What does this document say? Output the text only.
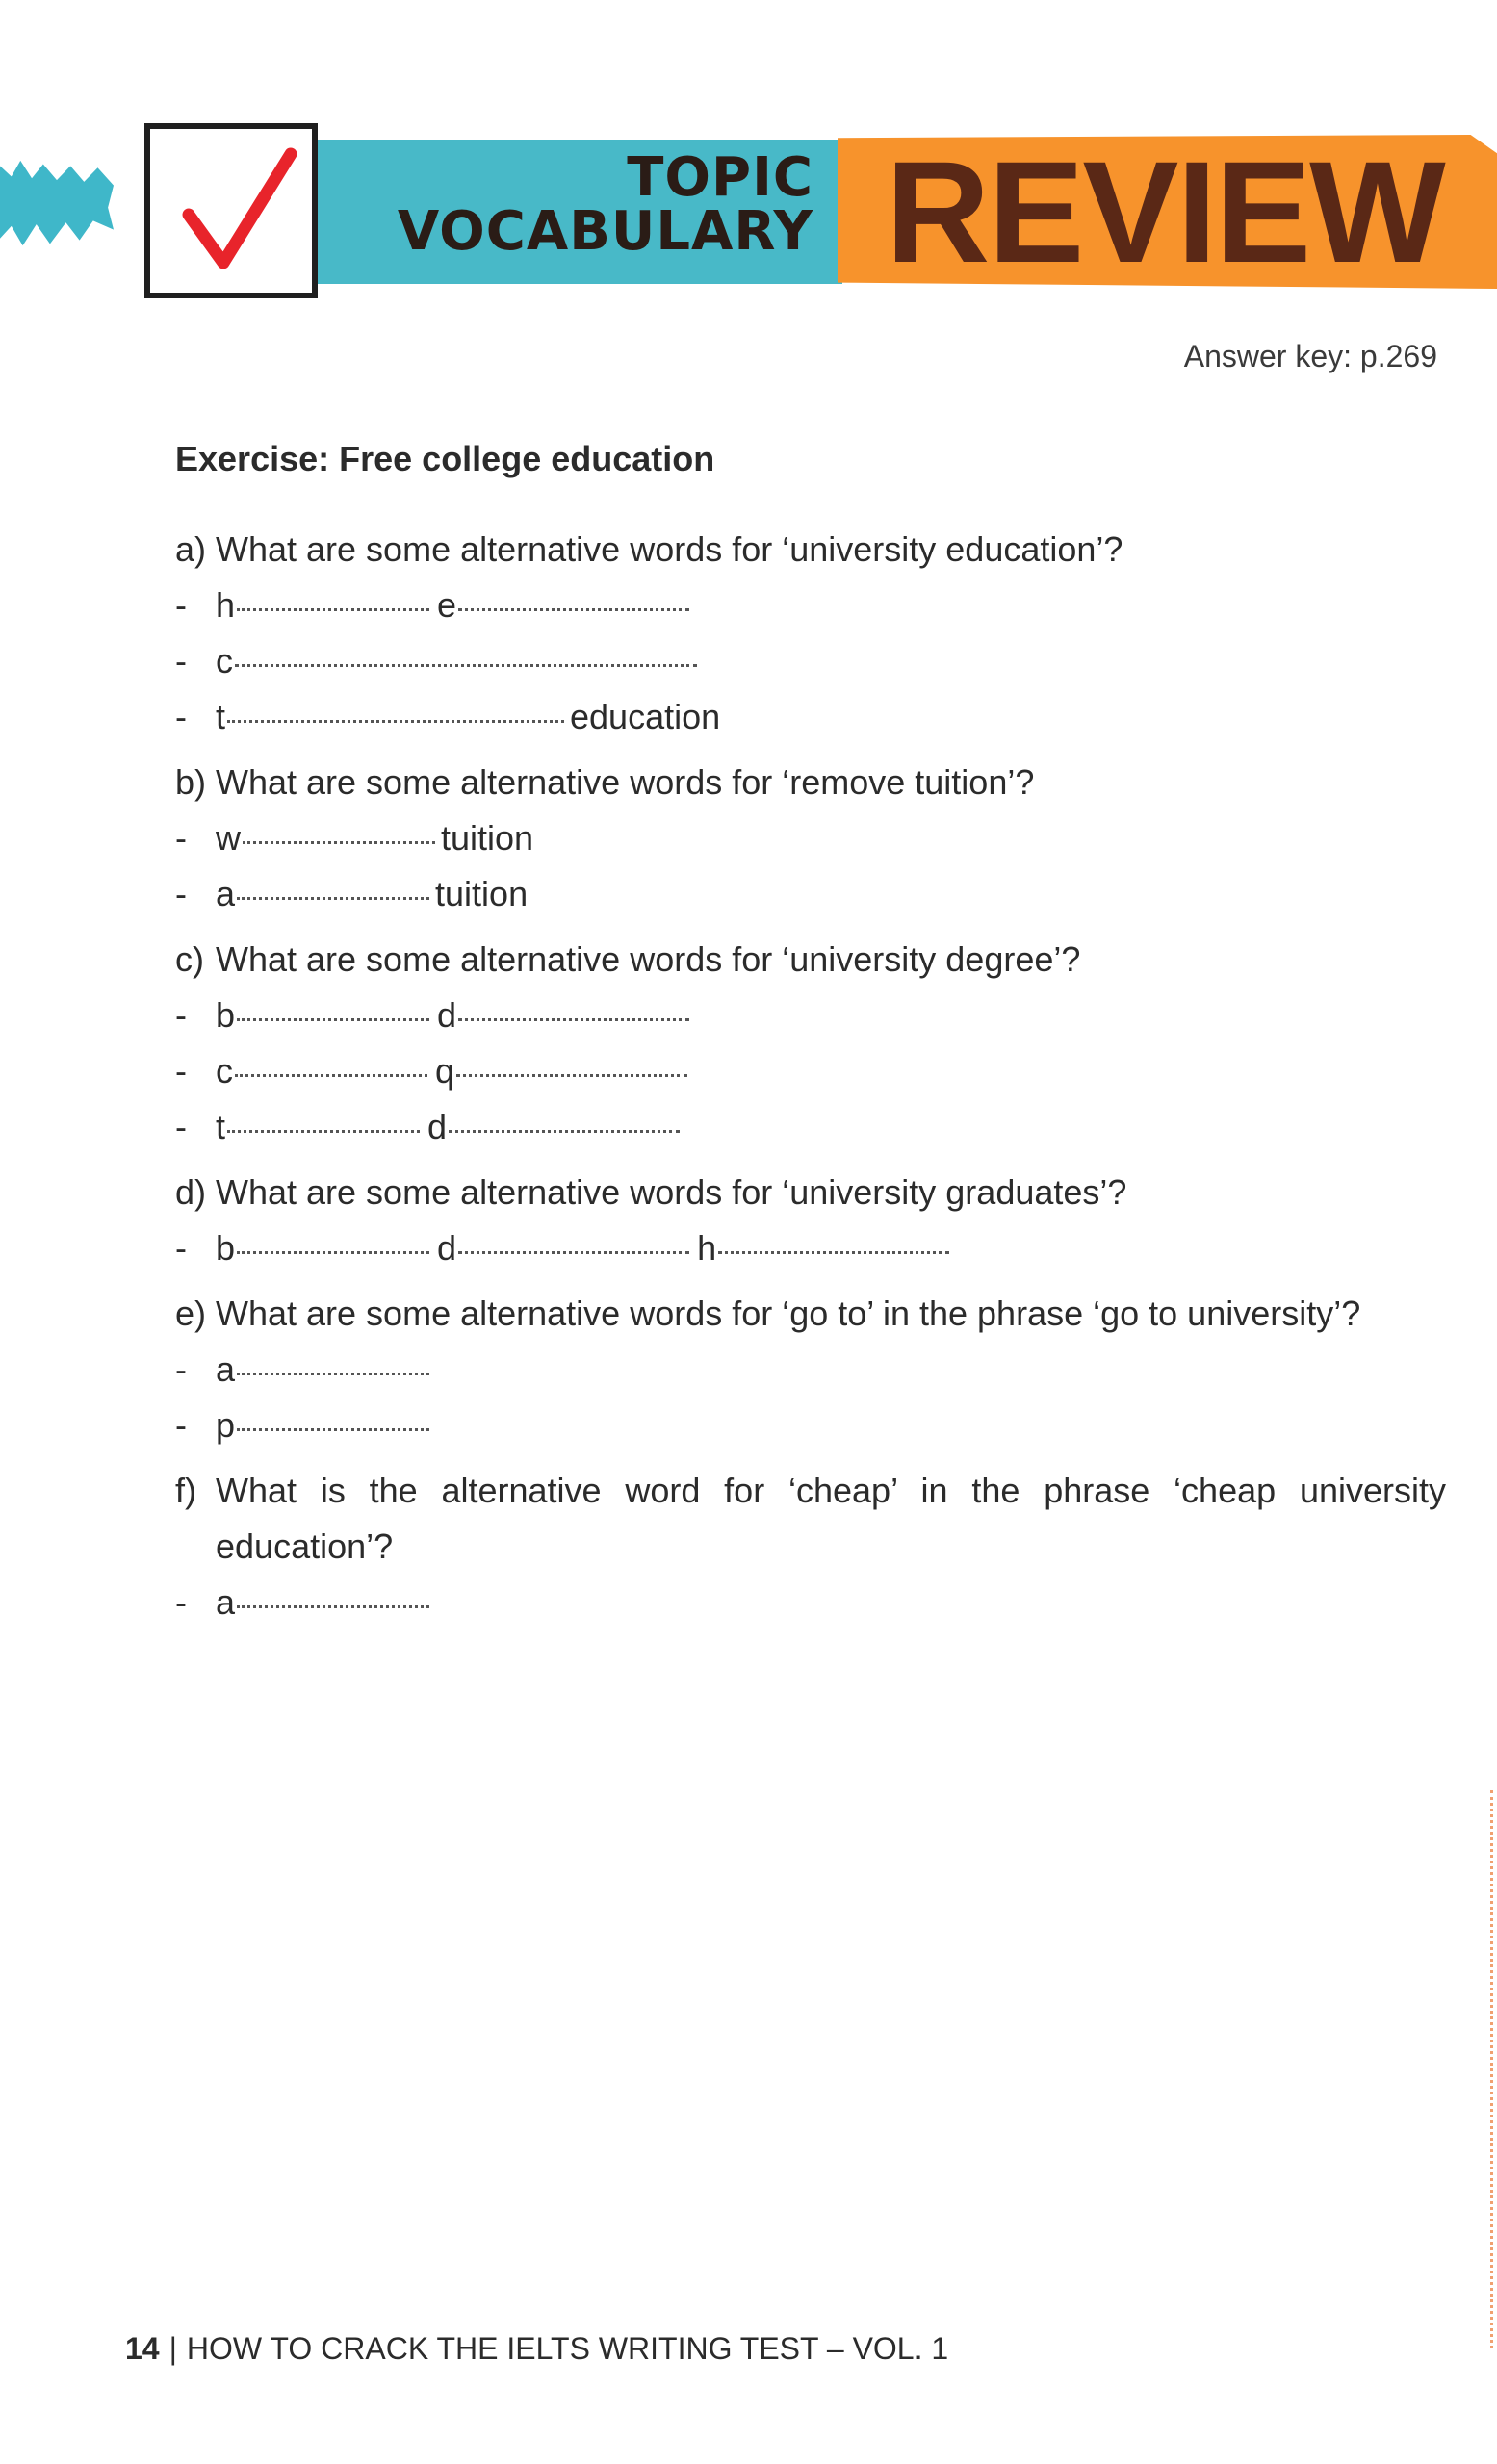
TOPIC
VOCABULARY REVIEW
Answer key: p.269
Exercise: Free college education
a) What are some alternative words for ‘university education’?
- h	e
- c
- t	education
b) What are some alternative words for ‘remove tuition’?
- w	tuition
- a	tuition
c) What are some alternative words for ‘university degree’?
- b	d
- c	q
- t	d
d) What are some alternative words for ‘university graduates’?
- b	d	h
e) What are some alternative words for ‘go to’ in the phrase ‘go to university’?
- a
- p
f) What is the alternative word for ‘cheap’ in the phrase ‘cheap university education’?
- a
14 | HOW TO CRACK THE IELTS WRITING TEST – VOL. 1
